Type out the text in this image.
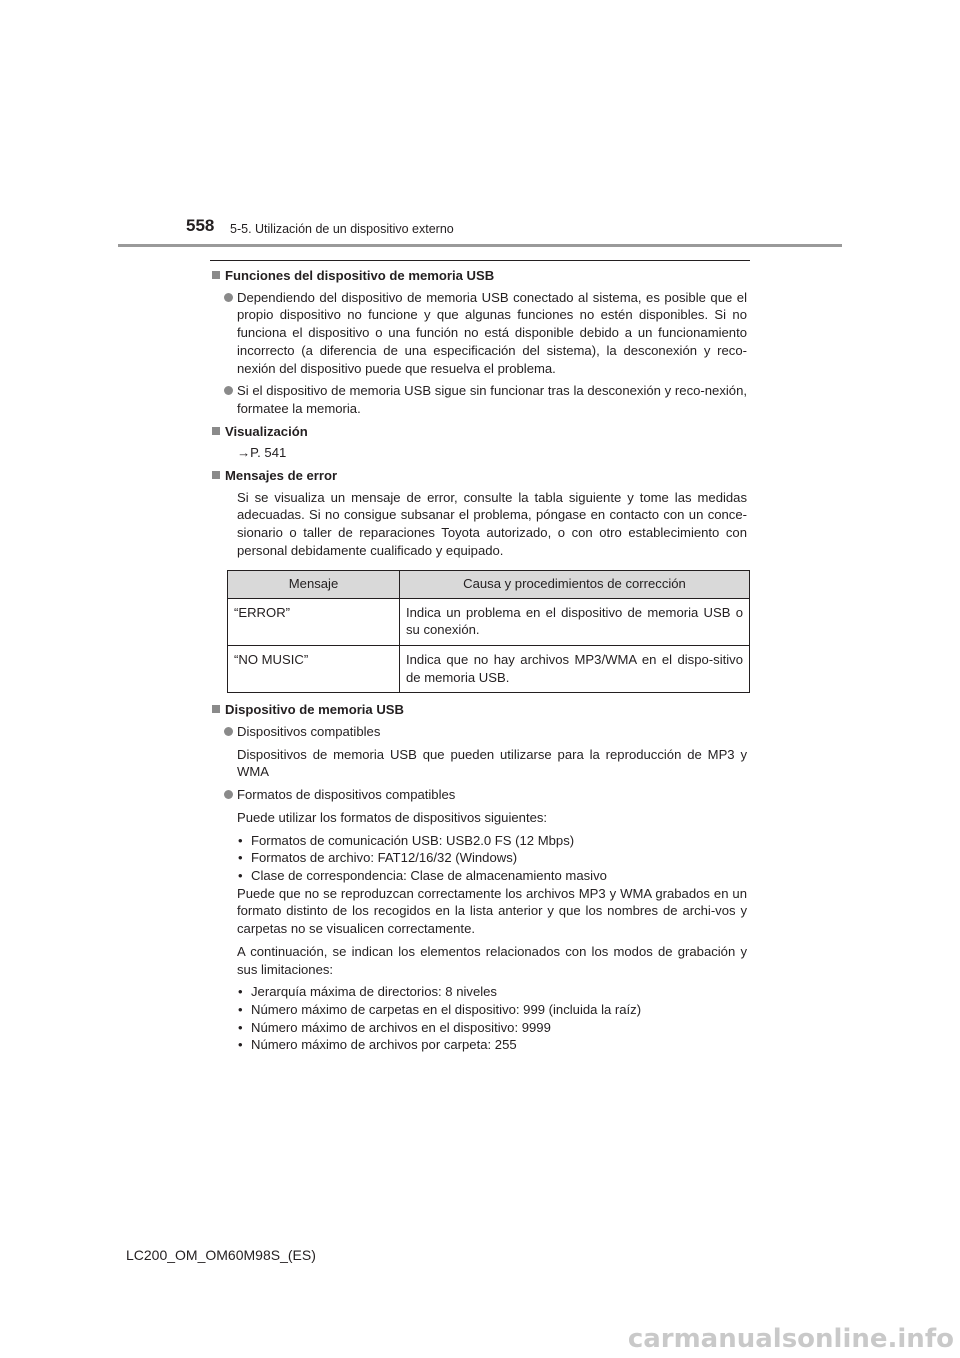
558 5-5. Utilización de un dispositivo externo
Funciones del dispositivo de memoria USB
Dependiendo del dispositivo de memoria USB conectado al sistema, es posible que el propio dispositivo no funcione y que algunas funciones no estén disponibles. Si no funciona el dispositivo o una función no está disponible debido a un funcionamiento incorrecto (a diferencia de una especificación del sistema), la desconexión y reco-nexión del dispositivo puede que resuelva el problema.
Si el dispositivo de memoria USB sigue sin funcionar tras la desconexión y reco-nexión, formatee la memoria.
Visualización
→P. 541
Mensajes de error
Si se visualiza un mensaje de error, consulte la tabla siguiente y tome las medidas adecuadas. Si no consigue subsanar el problema, póngase en contacto con un conce-sionario o taller de reparaciones Toyota autorizado, o con otro establecimiento con personal debidamente cualificado y equipado.
Mensaje	Causa y procedimientos de corrección
“ERROR”	Indica un problema en el dispositivo de memoria USB o su conexión.
“NO MUSIC”	Indica que no hay archivos MP3/WMA en el dispo-sitivo de memoria USB.
Dispositivo de memoria USB
Dispositivos compatibles
Dispositivos de memoria USB que pueden utilizarse para la reproducción de MP3 y WMA
Formatos de dispositivos compatibles
Puede utilizar los formatos de dispositivos siguientes:
• Formatos de comunicación USB: USB2.0 FS (12 Mbps)
• Formatos de archivo: FAT12/16/32 (Windows)
• Clase de correspondencia: Clase de almacenamiento masivo
Puede que no se reproduzcan correctamente los archivos MP3 y WMA grabados en un formato distinto de los recogidos en la lista anterior y que los nombres de archi-vos y carpetas no se visualicen correctamente.
A continuación, se indican los elementos relacionados con los modos de grabación y sus limitaciones:
• Jerarquía máxima de directorios: 8 niveles
• Número máximo de carpetas en el dispositivo: 999 (incluida la raíz)
• Número máximo de archivos en el dispositivo: 9999
• Número máximo de archivos por carpeta: 255
LC200_OM_OM60M98S_(ES)
carmanualsonline.info
